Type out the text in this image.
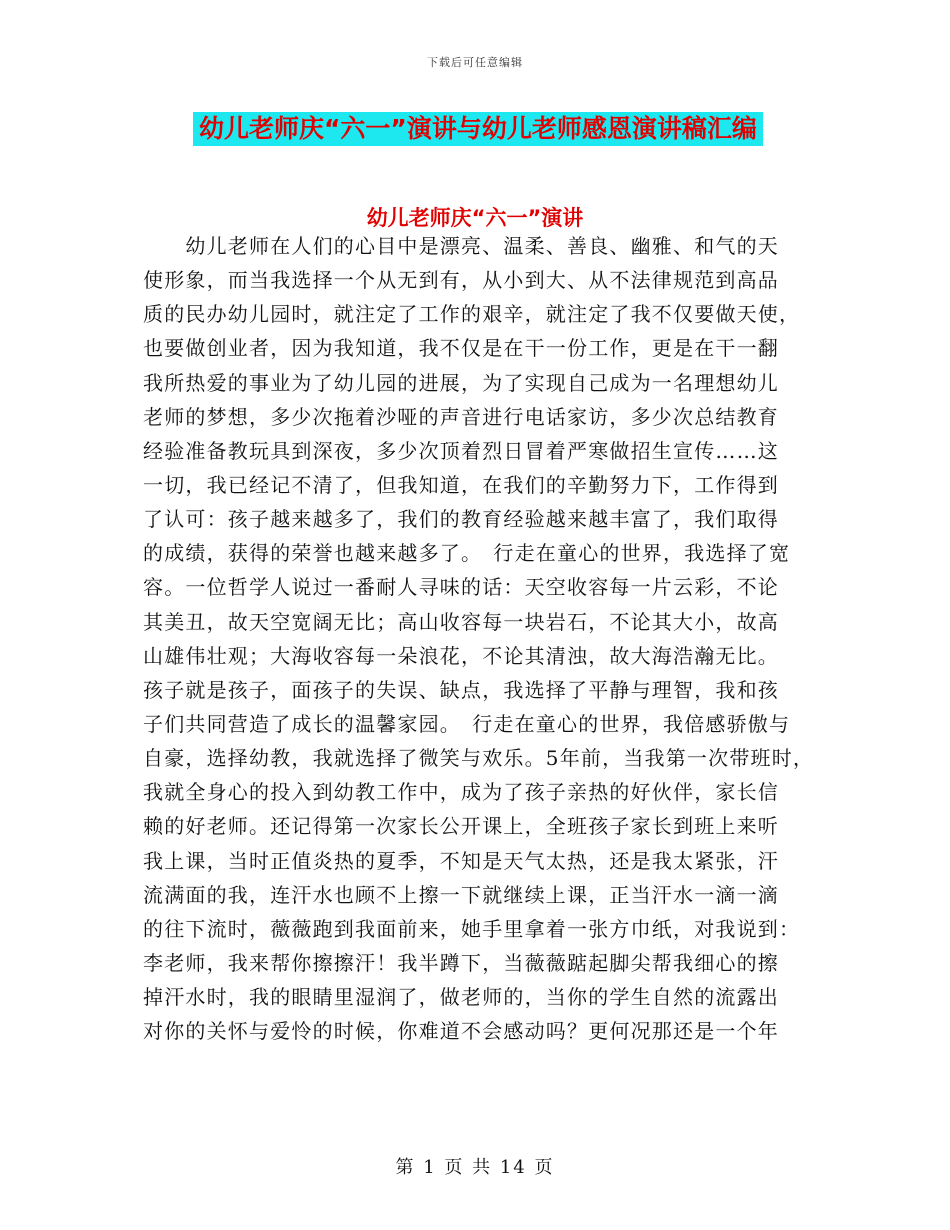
下载后可任意编辑
幼儿老师庆“六一”演讲与幼儿老师感恩演讲稿汇编
幼儿老师庆“六一”演讲
　　幼儿老师在人们的心目中是漂亮、温柔、善良、幽雅、和气的天
使形象，而当我选择一个从无到有，从小到大、从不法律规范到高品
质的民办幼儿园时，就注定了工作的艰辛，就注定了我不仅要做天使，
也要做创业者，因为我知道，我不仅是在干一份工作，更是在干一翻
我所热爱的事业为了幼儿园的进展，为了实现自己成为一名理想幼儿
老师的梦想，多少次拖着沙哑的声音进行电话家访，多少次总结教育
经验准备教玩具到深夜，多少次顶着烈日冒着严寒做招生宣传……这
一切，我已经记不清了，但我知道，在我们的辛勤努力下，工作得到
了认可：孩子越来越多了，我们的教育经验越来越丰富了，我们取得
的成绩，获得的荣誉也越来越多了。　行走在童心的世界，我选择了宽
容。一位哲学人说过一番耐人寻味的话：天空收容每一片云彩，不论
其美丑，故天空宽阔无比；高山收容每一块岩石，不论其大小，故高
山雄伟壮观；大海收容每一朵浪花，不论其清浊，故大海浩瀚无比。
孩子就是孩子，面孩子的失误、缺点，我选择了平静与理智，我和孩
子们共同营造了成长的温馨家园。　行走在童心的世界，我倍感骄傲与
自豪，选择幼教，我就选择了微笑与欢乐。5年前，当我第一次带班时，
我就全身心的投入到幼教工作中，成为了孩子亲热的好伙伴，家长信
赖的好老师。还记得第一次家长公开课上，全班孩子家长到班上来听
我上课，当时正值炎热的夏季，不知是天气太热，还是我太紧张，汗
流满面的我，连汗水也顾不上擦一下就继续上课，正当汗水一滴一滴
的往下流时，薇薇跑到我面前来，她手里拿着一张方巾纸，对我说到：
李老师，我来帮你擦擦汗！我半蹲下，当薇薇踮起脚尖帮我细心的擦
掉汗水时，我的眼睛里湿润了，做老师的，当你的学生自然的流露出
对你的关怀与爱怜的时候，你难道不会感动吗？更何况那还是一个年
第 1 页 共 14 页
